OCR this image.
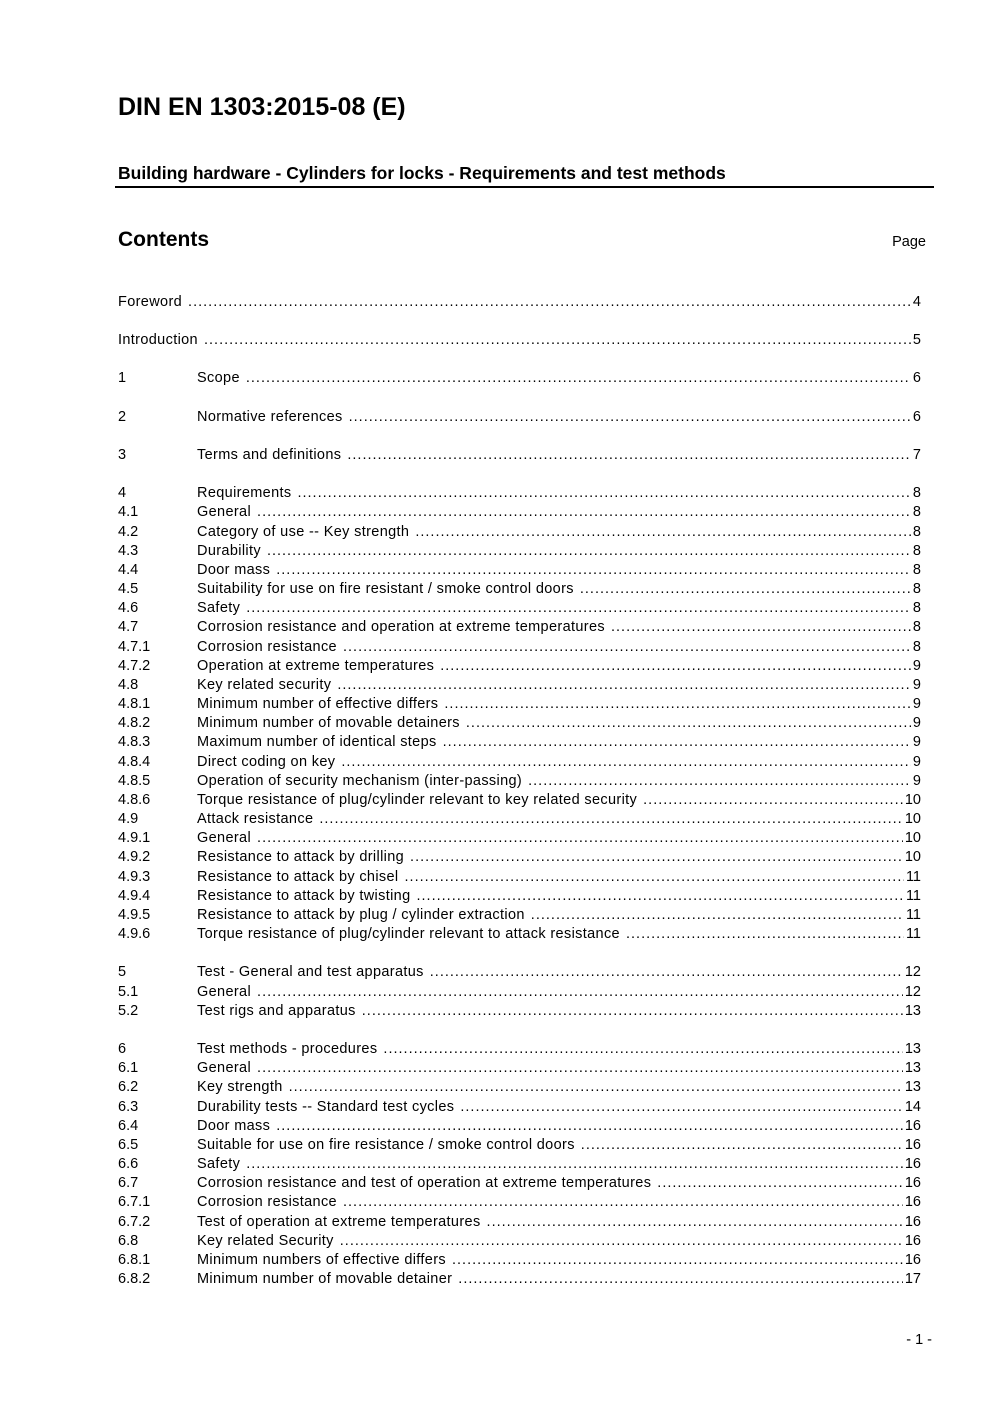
DIN EN 1303:2015-08 (E)
Building hardware - Cylinders for locks - Requirements and test methods
Contents	Page
Foreword .....	4
Introduction .....	5
1	Scope .....	6
2	Normative references .....	6
3	Terms and definitions .....	7
4	Requirements .....	8
4.1	General .....	8
4.2	Category of use -- Key strength .....	8
4.3	Durability .....	8
4.4	Door mass .....	8
4.5	Suitability for use on fire resistant / smoke control doors .....	8
4.6	Safety .....	8
4.7	Corrosion resistance and operation at extreme temperatures .....	8
4.7.1	Corrosion resistance .....	8
4.7.2	Operation at extreme temperatures .....	9
4.8	Key related security .....	9
4.8.1	Minimum number of effective differs .....	9
4.8.2	Minimum number of movable detainers .....	9
4.8.3	Maximum number of identical steps .....	9
4.8.4	Direct coding on key .....	9
4.8.5	Operation of security mechanism (inter-passing) .....	9
4.8.6	Torque resistance of plug/cylinder relevant to key related security .....	10
4.9	Attack resistance .....	10
4.9.1	General .....	10
4.9.2	Resistance to attack by drilling .....	10
4.9.3	Resistance to attack by chisel .....	11
4.9.4	Resistance to attack by twisting .....	11
4.9.5	Resistance to attack by plug / cylinder extraction .....	11
4.9.6	Torque resistance of plug/cylinder relevant to attack resistance .....	11
5	Test - General and test apparatus .....	12
5.1	General .....	12
5.2	Test rigs and apparatus .....	13
6	Test methods - procedures .....	13
6.1	General .....	13
6.2	Key strength .....	13
6.3	Durability tests -- Standard test cycles .....	14
6.4	Door mass .....	16
6.5	Suitable for use on fire resistance / smoke control doors .....	16
6.6	Safety .....	16
6.7	Corrosion resistance and test of operation at extreme temperatures .....	16
6.7.1	Corrosion resistance .....	16
6.7.2	Test of operation at extreme temperatures .....	16
6.8	Key related Security .....	16
6.8.1	Minimum numbers of effective differs .....	16
6.8.2	Minimum number of movable detainer .....	17
- 1 -
